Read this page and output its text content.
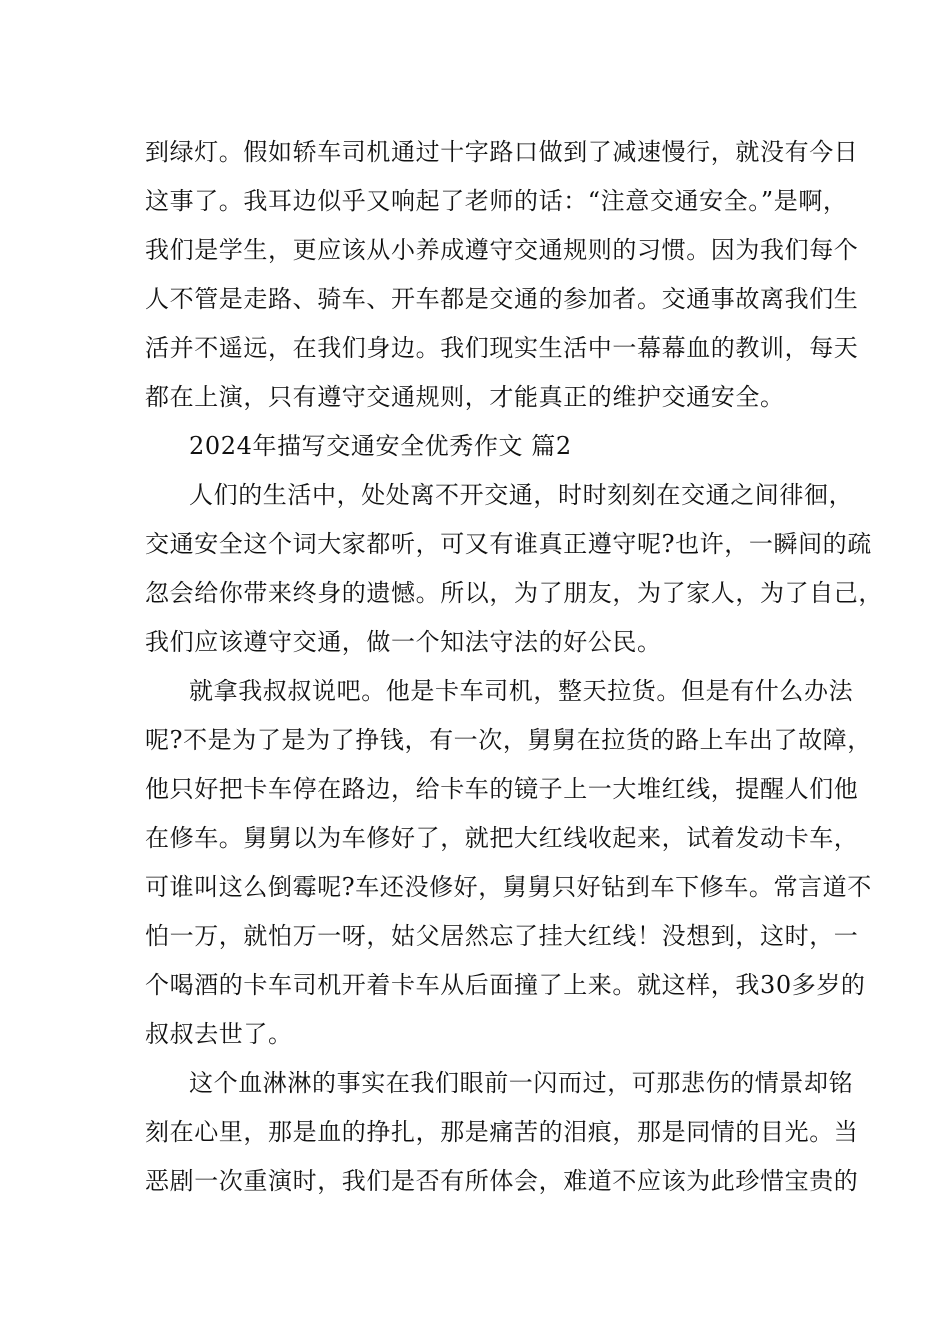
到绿灯。假如轿车司机通过十字路口做到了减速慢行，就没有今日
这事了。我耳边似乎又响起了老师的话：“注意交通安全。”是啊，
我们是学生，更应该从小养成遵守交通规则的习惯。因为我们每个
人不管是走路、骑车、开车都是交通的参加者。交通事故离我们生
活并不遥远，在我们身边。我们现实生活中一幕幕血的教训，每天
都在上演，只有遵守交通规则，才能真正的维护交通安全。
2024年描写交通安全优秀作文 篇2
人们的生活中，处处离不开交通，时时刻刻在交通之间徘徊，
交通安全这个词大家都听，可又有谁真正遵守呢?也许，一瞬间的疏
忽会给你带来终身的遗憾。所以，为了朋友，为了家人，为了自己，
我们应该遵守交通，做一个知法守法的好公民。
就拿我叔叔说吧。他是卡车司机，整天拉货。但是有什么办法
呢?不是为了是为了挣钱，有一次，舅舅在拉货的路上车出了故障，
他只好把卡车停在路边，给卡车的镜子上一大堆红线，提醒人们他
在修车。舅舅以为车修好了，就把大红线收起来，试着发动卡车，
可谁叫这么倒霉呢?车还没修好，舅舅只好钻到车下修车。常言道不
怕一万，就怕万一呀，姑父居然忘了挂大红线！没想到，这时，一
个喝酒的卡车司机开着卡车从后面撞了上来。就这样，我30多岁的
叔叔去世了。
这个血淋淋的事实在我们眼前一闪而过，可那悲伤的情景却铭
刻在心里，那是血的挣扎，那是痛苦的泪痕，那是同情的目光。当
恶剧一次重演时，我们是否有所体会，难道不应该为此珍惜宝贵的
